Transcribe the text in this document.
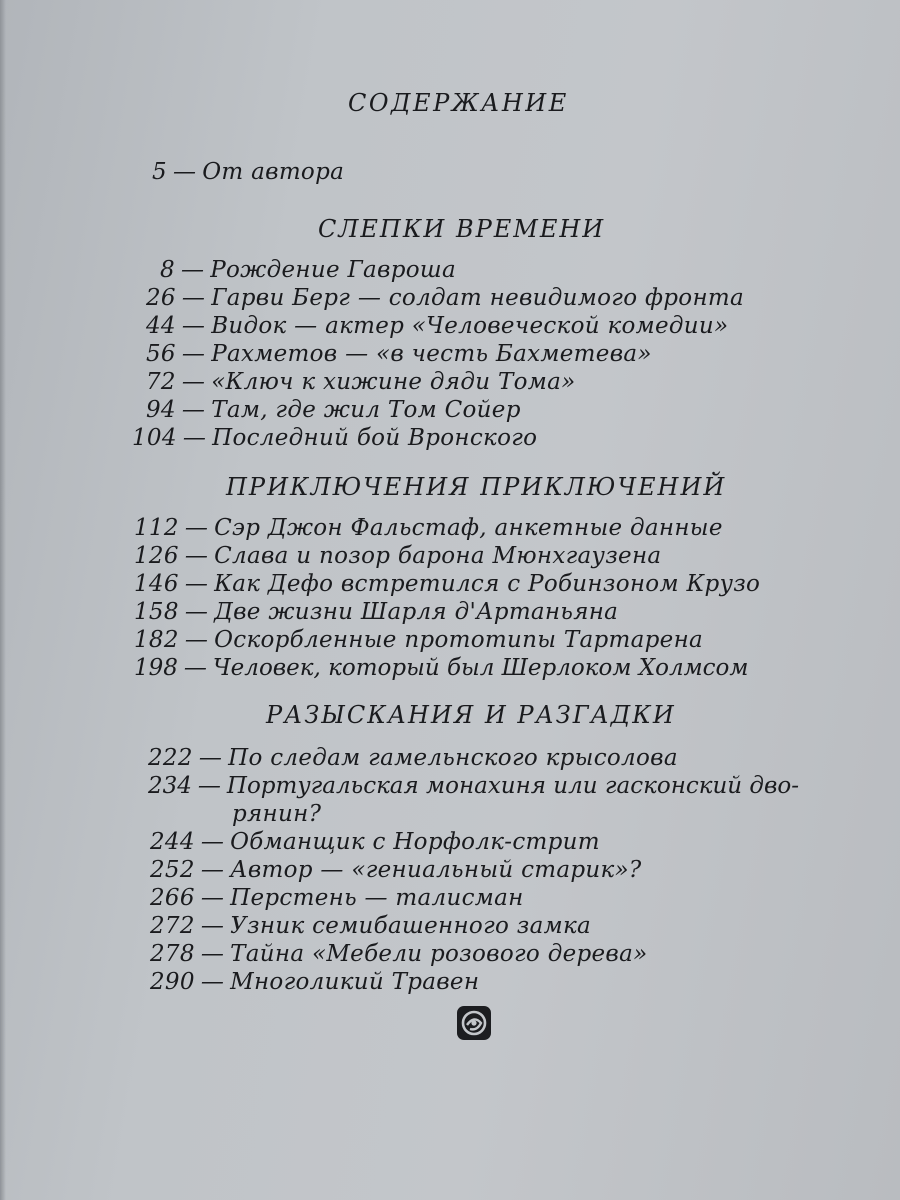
СОДЕРЖАНИЕ
5 — От автора
СЛЕПКИ ВРЕМЕНИ
8 — Рождение Гавроша
26 — Гарви Берг — солдат невидимого фронта
44 — Видок — актер «Человеческой комедии»
56 — Рахметов — «в честь Бахметева»
72 — «Ключ к хижине дяди Тома»
94 — Там, где жил Том Сойер
104 — Последний бой Вронского
ПРИКЛЮЧЕНИЯ ПРИКЛЮЧЕНИЙ
112 — Сэр Джон Фальстаф, анкетные данные
126 — Слава и позор барона Мюнхгаузена
146 — Как Дефо встретился с Робинзоном Крузо
158 — Две жизни Шарля д'Артаньяна
182 — Оскорбленные прототипы Тартарена
198 — Человек, который был Шерлоком Холмсом
РАЗЫСКАНИЯ И РАЗГАДКИ
222 — По следам гамельнского крысолова
234 — Португальская монахиня или гасконский дво-
рянин?
244 — Обманщик с Норфолк-стрит
252 — Автор — «гениальный старик»?
266 — Перстень — талисман
272 — Узник семибашенного замка
278 — Тайна «Мебели розового дерева»
290 — Многоликий Травен
